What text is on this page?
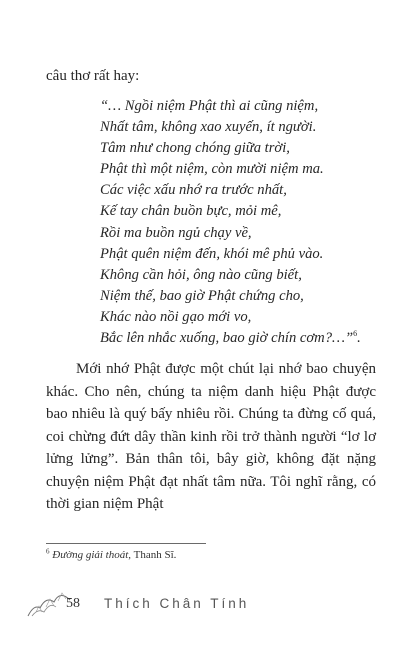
câu thơ rất hay:

“… Ngồi niệm Phật thì ai cũng niệm,
Nhất tâm, không xao xuyến, ít người.
Tâm như chong chóng giữa trời,
Phật thì một niệm, còn mười niệm ma.
Các việc xấu nhớ ra trước nhất,
Kế tay chân buồn bực, mỏi mê,
Rồi ma buồn ngủ chạy về,
Phật quên niệm đến, khói mê phủ vào.
Không cần hỏi, ông nào cũng biết,
Niệm thế, bao giờ Phật chứng cho,
Khác nào nồi gạo mới vo,
Bắc lên nhắc xuống, bao giờ chín cơm?…”$^6$.

Mới nhớ Phật được một chút lại nhớ bao chuyện khác. Cho nên, chúng ta niệm danh hiệu Phật được bao nhiêu là quý bấy nhiêu rồi. Chúng ta đừng cố quá, coi chừng đứt dây thần kinh rồi trở thành người “lơ lơ lửng lửng”. Bản thân tôi, bây giờ, không đặt nặng chuyện niệm Phật đạt nhất tâm nữa. Tôi nghĩ rằng, có thời gian niệm Phật

$^6$ Đường giải thoát, Thanh Sĩ.

58 Thích Chân Tính
